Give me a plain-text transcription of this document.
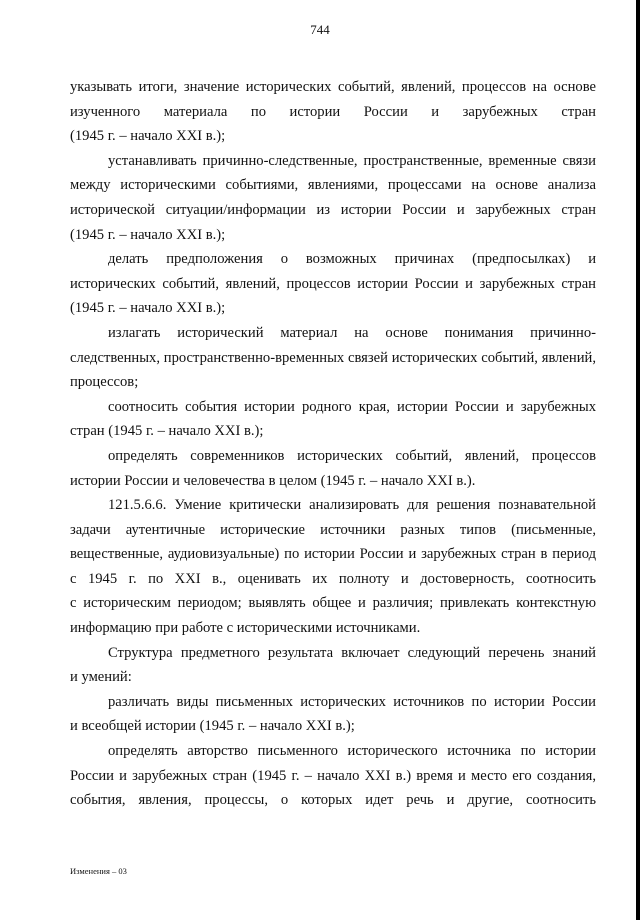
744
указывать итоги, значение исторических событий, явлений, процессов на основе
изученного материала по истории России и зарубежных стран
(1945 г. – начало XXI в.);
устанавливать причинно-следственные, пространственные, временные связи
между историческими событиями, явлениями, процессами на основе анализа
исторической ситуации/информации из истории России и зарубежных стран
(1945 г. – начало XXI в.);
делать предположения о возможных причинах (предпосылках) и
исторических событий, явлений, процессов истории России и зарубежных стран
(1945 г. – начало XXI в.);
излагать исторический материал на основе понимания причинно-
следственных, пространственно-временных связей исторических событий, явлений,
процессов;
соотносить события истории родного края, истории России и зарубежных
стран (1945 г. – начало XXI в.);
определять современников исторических событий, явлений, процессов
истории России и человечества в целом (1945 г. – начало XXI в.).
121.5.6.6. Умение критически анализировать для решения познавательной
задачи аутентичные исторические источники разных типов (письменные,
вещественные, аудиовизуальные) по истории России и зарубежных стран в период
с 1945 г. по XXI в., оценивать их полноту и достоверность, соотносить
с историческим периодом; выявлять общее и различия; привлекать контекстную
информацию при работе с историческими источниками.
Структура предметного результата включает следующий перечень знаний
и умений:
различать виды письменных исторических источников по истории России
и всеобщей истории (1945 г. – начало XXI в.);
определять авторство письменного исторического источника по истории
России и зарубежных стран (1945 г. – начало XXI в.) время и место его создания,
события, явления, процессы, о которых идет речь и другие, соотносить
Изменения – 03
